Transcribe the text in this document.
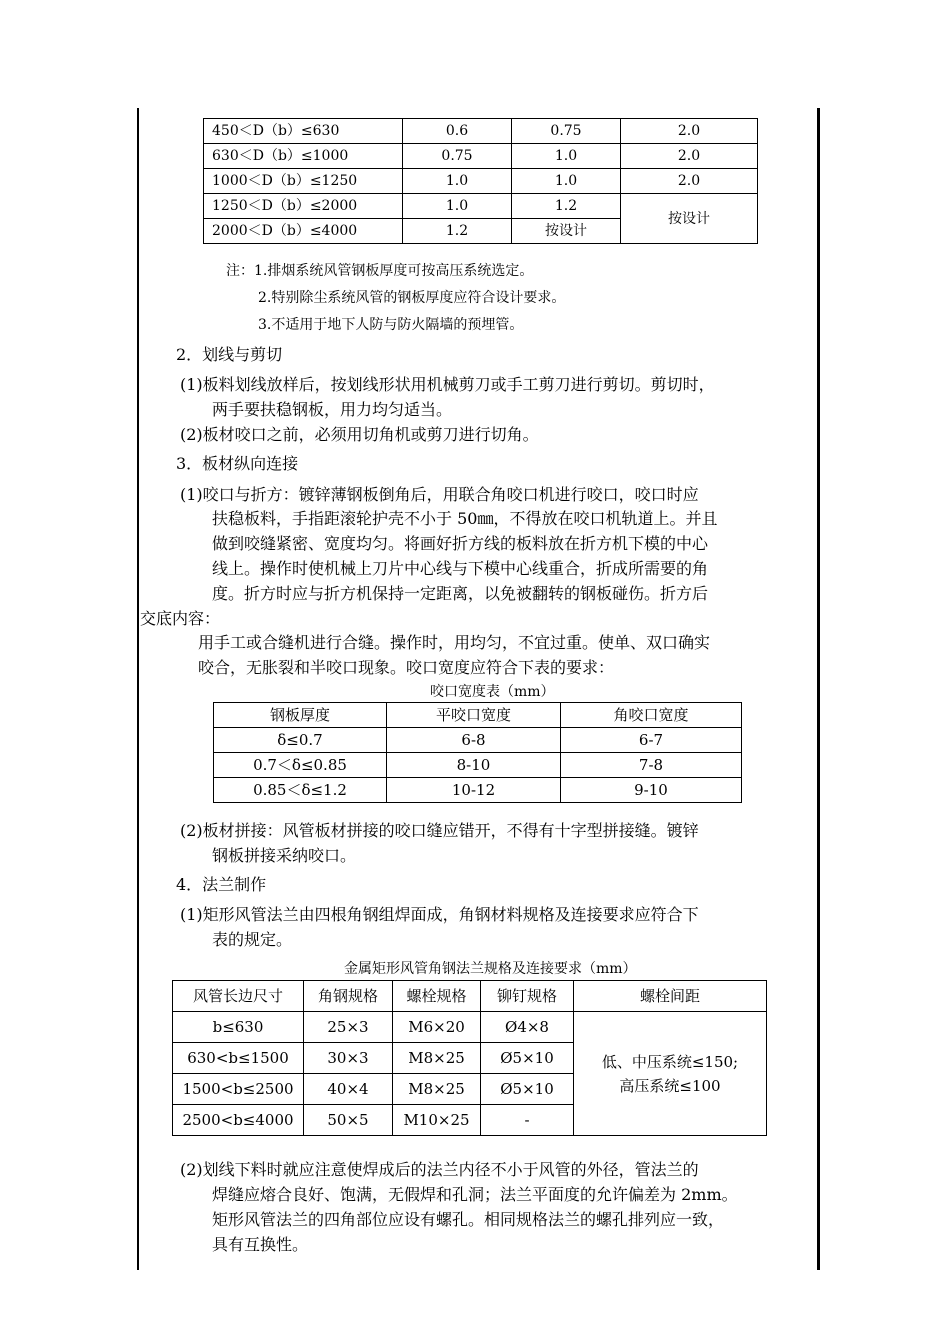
450＜D（b）≤630	0.6	0.75	2.0
630＜D（b）≤1000	0.75	1.0	2.0
1000＜D（b）≤1250	1.0	1.0	2.0
1250＜D（b）≤2000	1.0	1.2	按设计
2000＜D（b）≤4000	1.2	按设计	
注：1.排烟系统风管钢板厚度可按高压系统选定。
2.特别除尘系统风管的钢板厚度应符合设计要求。
3.不适用于地下人防与防火隔墙的预埋管。
2．划线与剪切
(1)板料划线放样后，按划线形状用机械剪刀或手工剪刀进行剪切。剪切时，
两手要扶稳钢板，用力均匀适当。
(2)板材咬口之前，必须用切角机或剪刀进行切角。
3．板材纵向连接
(1)咬口与折方：镀锌薄钢板倒角后，用联合角咬口机进行咬口，咬口时应
扶稳板料，手指距滚轮护壳不小于 50㎜，不得放在咬口机轨道上。并且
做到咬缝紧密、宽度均匀。将画好折方线的板料放在折方机下模的中心
线上。操作时使机械上刀片中心线与下模中心线重合，折成所需要的角
度。折方时应与折方机保持一定距离，以免被翻转的钢板碰伤。折方后
交底内容：
用手工或合缝机进行合缝。操作时，用均匀，不宜过重。使单、双口确实
咬合，无胀裂和半咬口现象。咬口宽度应符合下表的要求：
咬口宽度表（mm）
钢板厚度	平咬口宽度	角咬口宽度
δ≤0.7	6-8	6-7
0.7＜δ≤0.85	8-10	7-8
0.85＜δ≤1.2	10-12	9-10
(2)板材拼接：风管板材拼接的咬口缝应错开，不得有十字型拼接缝。镀锌
钢板拼接采纳咬口。
4．法兰制作
(1)矩形风管法兰由四根角钢组焊面成，角钢材料规格及连接要求应符合下
表的规定。
金属矩形风管角钢法兰规格及连接要求（mm）
风管长边尺寸	角钢规格	螺栓规格	铆钉规格	螺栓间距
b≤630	25×3	M6×20	Ø4×8	低、中压系统≤150;
高压系统≤100

630<b≤1500	30×3	M8×25	Ø5×10	
1500<b≤2500	40×4	M8×25	Ø5×10	
2500<b≤4000	50×5	M10×25	-	
(2)划线下料时就应注意使焊成后的法兰内径不小于风管的外径，管法兰的
焊缝应熔合良好、饱满，无假焊和孔洞；法兰平面度的允许偏差为 2mm。
矩形风管法兰的四角部位应设有螺孔。相同规格法兰的螺孔排列应一致，
具有互换性。
